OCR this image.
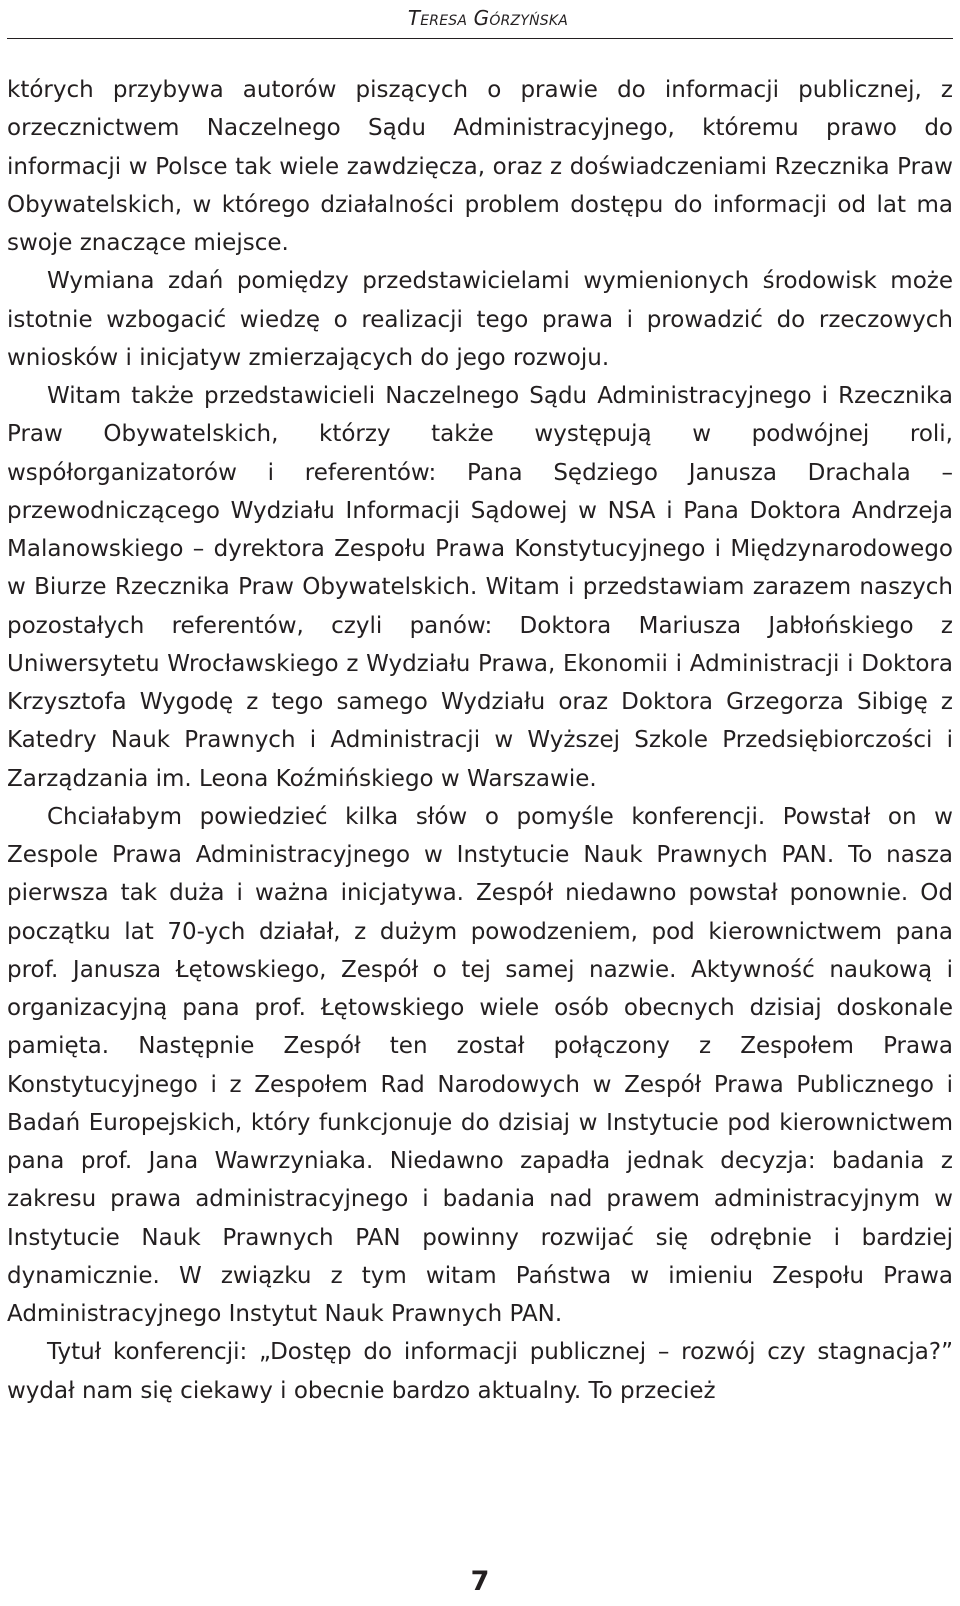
Teresa Górzyńska

których przybywa autorów piszących o prawie do informacji publicznej, z orzecznictwem Naczelnego Sądu Administracyjnego, któremu prawo do informacji w Polsce tak wiele zawdzięcza, oraz z doświadczeniami Rzecznika Praw Obywatelskich, w którego działalności problem dostępu do informacji od lat ma swoje znaczące miejsce.

Wymiana zdań pomiędzy przedstawicielami wymienionych środowisk może istotnie wzbogacić wiedzę o realizacji tego prawa i prowadzić do rzeczowych wniosków i inicjatyw zmierzających do jego rozwoju.

Witam także przedstawicieli Naczelnego Sądu Administracyjnego i Rzecznika Praw Obywatelskich, którzy także występują w podwójnej roli, współorganizatorów i referentów: Pana Sędziego Janusza Drachala – przewodniczącego Wydziału Informacji Sądowej w NSA i Pana Doktora Andrzeja Malanowskiego – dyrektora Zespołu Prawa Konstytucyjnego i Międzynarodowego w Biurze Rzecznika Praw Obywatelskich. Witam i przedstawiam zarazem naszych pozostałych referentów, czyli panów: Doktora Mariusza Jabłońskiego z Uniwersytetu Wrocławskiego z Wydziału Prawa, Ekonomii i Administracji i Doktora Krzysztofa Wygodę z tego samego Wydziału oraz Doktora Grzegorza Sibigę z Katedry Nauk Prawnych i Administracji w Wyższej Szkole Przedsiębiorczości i Zarządzania im. Leona Koźmińskiego w Warszawie.

Chciałabym powiedzieć kilka słów o pomyśle konferencji. Powstał on w Zespole Prawa Administracyjnego w Instytucie Nauk Prawnych PAN. To nasza pierwsza tak duża i ważna inicjatywa. Zespół niedawno powstał ponownie. Od początku lat 70-ych działał, z dużym powodzeniem, pod kierownictwem pana prof. Janusza Łętowskiego, Zespół o tej samej nazwie. Aktywność naukową i organizacyjną pana prof. Łętowskiego wiele osób obecnych dzisiaj doskonale pamięta. Następnie Zespół ten został połączony z Zespołem Prawa Konstytucyjnego i z Zespołem Rad Narodowych w Zespół Prawa Publicznego i Badań Europejskich, który funkcjonuje do dzisiaj w Instytucie pod kierownictwem pana prof. Jana Wawrzyniaka. Niedawno zapadła jednak decyzja: badania z zakresu prawa administracyjnego i badania nad prawem administracyjnym w Instytucie Nauk Prawnych PAN powinny rozwijać się odrębnie i bardziej dynamicznie. W związku z tym witam Państwa w imieniu Zespołu Prawa Administracyjnego Instytut Nauk Prawnych PAN.

Tytuł konferencji: „Dostęp do informacji publicznej – rozwój czy stagnacja?” wydał nam się ciekawy i obecnie bardzo aktualny. To przecież

7
